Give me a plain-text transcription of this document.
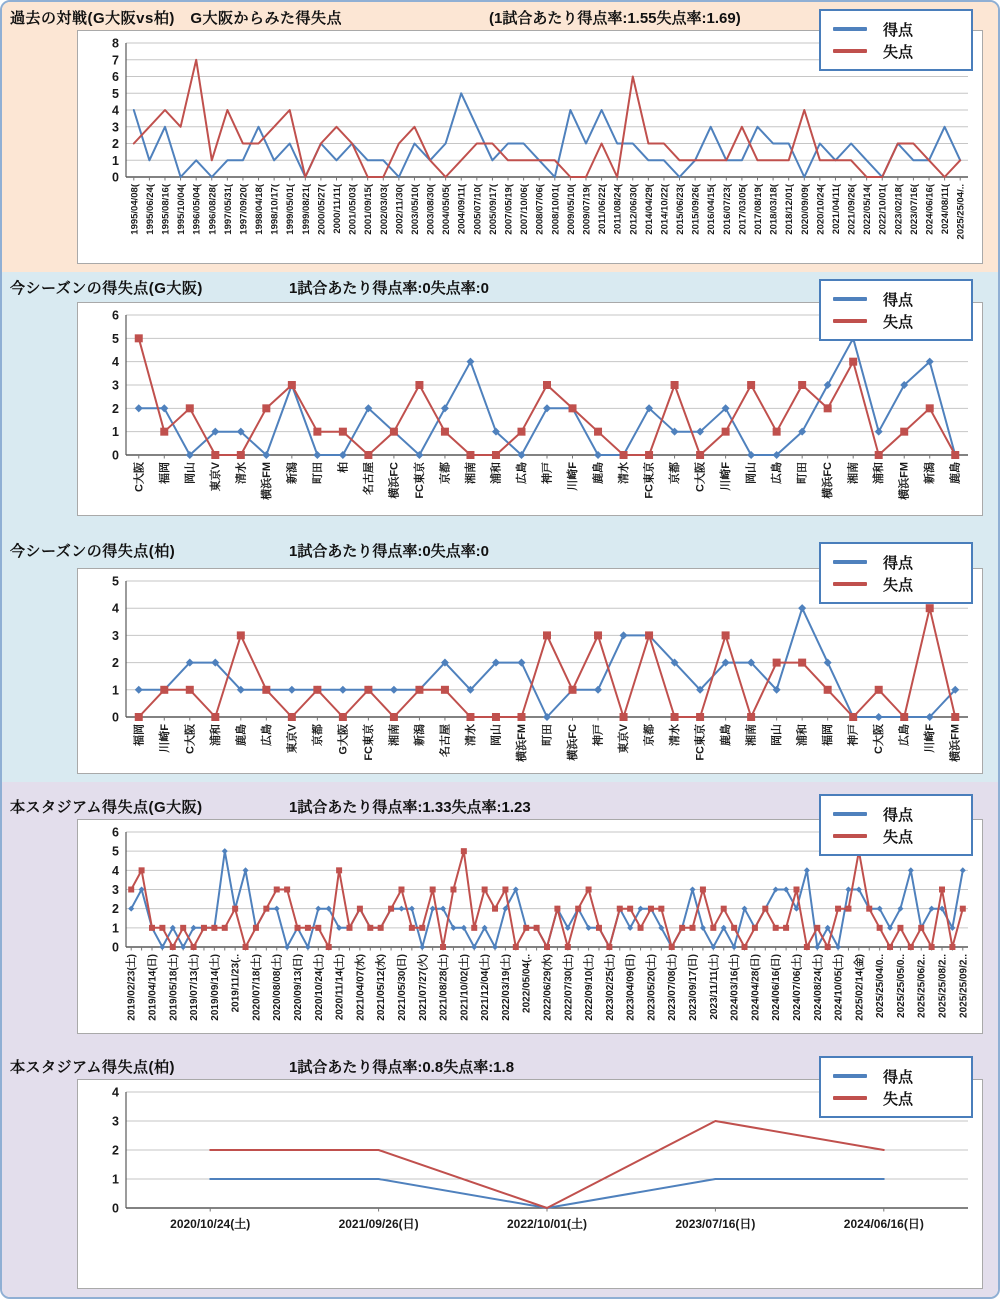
過去の対戦(G大阪vs柏)　G大阪からみた得失点	(1試合あたり得点率:1.55失点率:1.69)
得点
失点
0
1
2
3
4
5
6
7
8
1995/04/08( 1995/06/24( 1995/08/16( 1995/10/04( 1996/05/04( 1996/08/28( 1997/05/31( 1997/09/20( 1998/04/18( 1998/10/17( 1999/05/01( 1999/08/21( 2000/05/27( 2000/11/11( 2001/05/03( 2001/09/15( 2002/03/03( 2002/11/30( 2003/05/10( 2003/08/30( 2004/05/05( 2004/09/11( 2005/07/10( 2005/09/17( 2007/05/19( 2007/10/06( 2008/07/06( 2008/10/01( 2009/05/10( 2009/07/19( 2011/06/22( 2011/08/24( 2012/06/30( 2014/04/29( 2014/10/22( 2015/06/23( 2015/09/26( 2016/04/15( 2016/07/23( 2017/03/05( 2017/08/19( 2018/03/18( 2018/12/01( 2020/09/09( 2020/10/24( 2021/04/11( 2021/09/26( 2022/05/14( 2022/10/01( 2023/02/18( 2023/07/16( 2024/06/16( 2024/08/11( 2025/25/04/..
今シーズンの得失点(G大阪)	1試合あたり得点率:0失点率:0
得点
失点
0
1
2
3
4
5
6
C大阪 福岡 岡山 東京V 清水 横浜FM 新潟 町田 柏 名古屋 横浜FC FC東京 京都 湘南 浦和 広島 神戸 川崎F 鹿島 清水 FC東京 京都 C大阪 川崎F 岡山 広島 町田 横浜FC 湘南 浦和 横浜FM 新潟 鹿島
今シーズンの得失点(柏)	1試合あたり得点率:0失点率:0
得点
失点
0
1
2
3
4
5
福岡 川崎F C大阪 浦和 鹿島 広島 東京V 京都 G大阪 FC東京 湘南 新潟 名古屋 清水 岡山 横浜FM 町田 横浜FC 神戸 東京V 京都 清水 FC東京 鹿島 湘南 岡山 浦和 福岡 神戸 C大阪 広島 川崎F 横浜FM
本スタジアム得失点(G大阪)	1試合あたり得点率:1.33失点率:1.23	得点
失点
0
1
2
3
4
5
6
2019/02/23(土) 2019/04/14(日) 2019/05/18(土) 2019/07/13(土) 2019/09/14(土) 2019/11/23(.. 2020/07/18(土) 2020/08/08(土) 2020/09/13(日) 2020/10/24(土) 2020/11/14(土) 2021/04/07(水) 2021/05/12(水) 2021/05/30(日) 2021/07/27(火) 2021/08/28(土) 2021/10/02(土) 2021/12/04(土) 2022/03/19(土) 2022/05/04(.. 2022/06/29(水) 2022/07/30(土) 2022/09/10(土) 2023/02/25(土) 2023/04/09(日) 2023/05/20(土) 2023/07/08(土) 2023/09/17(日) 2023/11/11(土) 2024/03/16(土) 2024/04/28(日) 2024/06/16(日) 2024/07/06(土) 2024/08/24(土) 2024/10/05(土) 2025/02/14(金) 2025/25/04/0.. 2025/25/05/0.. 2025/25/06/2.. 2025/25/08/2.. 2025/25/09/2..
本スタジアム得失点(柏)	1試合あたり得点率:0.8失点率:1.8
得点
失点
0
1
2
3
4
2020/10/24(土)	2021/09/26(日)	2022/10/01(土)	2023/07/16(日)	2024/06/16(日)
